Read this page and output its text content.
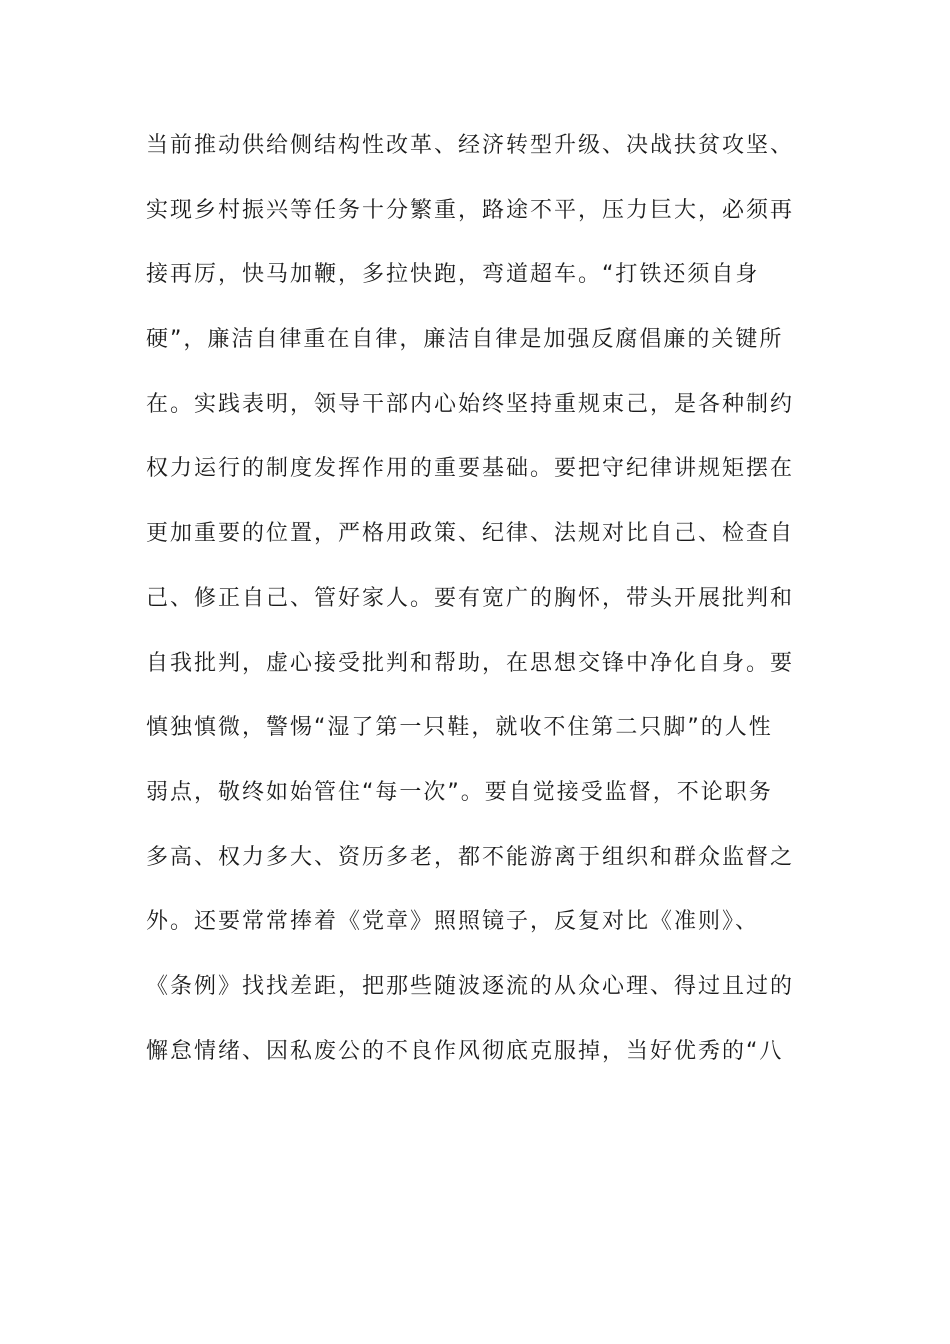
当前推动供给侧结构性改革、经济转型升级、决战扶贫攻坚、
实现乡村振兴等任务十分繁重，路途不平，压力巨大，必须再
接再厉，快马加鞭，多拉快跑，弯道超车。“打铁还须自身
硬”，廉洁自律重在自律，廉洁自律是加强反腐倡廉的关键所
在。实践表明，领导干部内心始终坚持重规束己，是各种制约
权力运行的制度发挥作用的重要基础。要把守纪律讲规矩摆在
更加重要的位置，严格用政策、纪律、法规对比自己、检查自
己、修正自己、管好家人。要有宽广的胸怀，带头开展批判和
自我批判，虚心接受批判和帮助，在思想交锋中净化自身。要
慎独慎微，警惕“湿了第一只鞋，就收不住第二只脚”的人性
弱点，敬终如始管住“每一次”。要自觉接受监督，不论职务
多高、权力多大、资历多老，都不能游离于组织和群众监督之
外。还要常常捧着《党章》照照镜子，反复对比《准则》、
《条例》找找差距，把那些随波逐流的从众心理、得过且过的
懈怠情绪、因私废公的不良作风彻底克服掉，当好优秀的“八
